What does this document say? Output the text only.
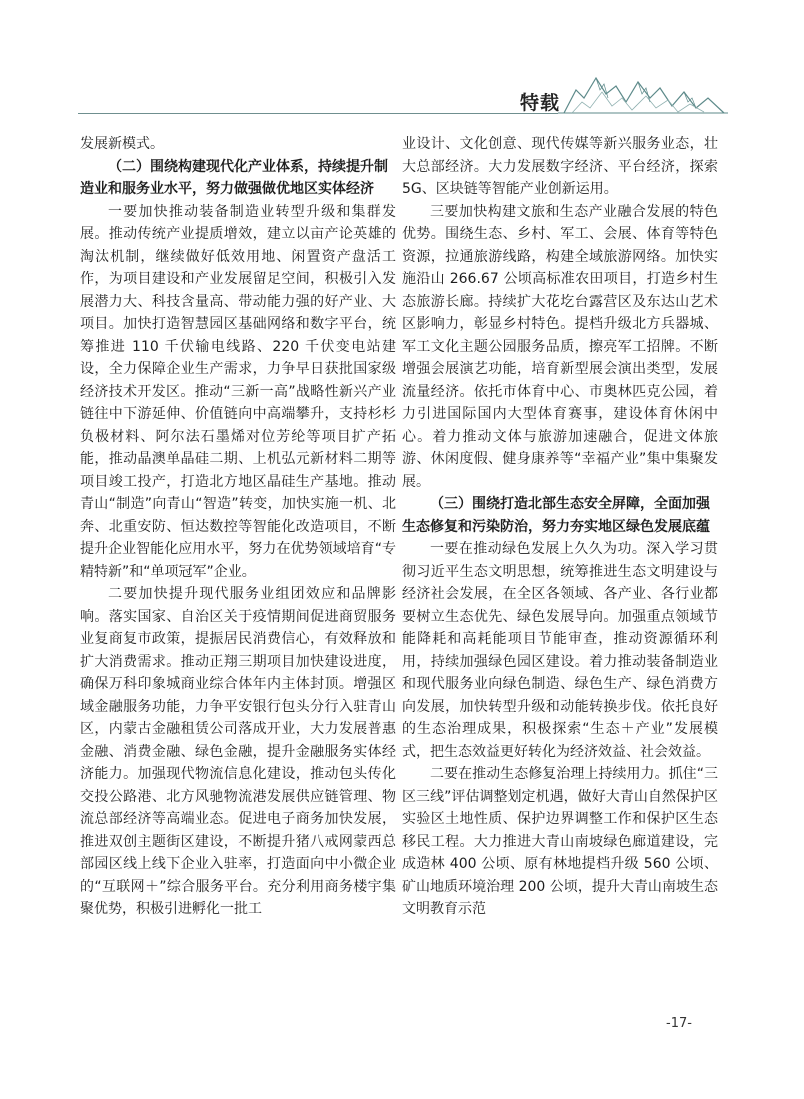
特载

发展新模式。

（二）围绕构建现代化产业体系，持续提升制造业和服务业水平，努力做强做优地区实体经济

一要加快推动装备制造业转型升级和集群发展。推动传统产业提质增效，建立以亩产论英雄的淘汰机制，继续做好低效用地、闲置资产盘活工作，为项目建设和产业发展留足空间，积极引入发展潜力大、科技含量高、带动能力强的好产业、大项目。加快打造智慧园区基础网络和数字平台，统筹推进 110 千伏输电线路、220 千伏变电站建设，全力保障企业生产需求，力争早日获批国家级经济技术开发区。推动“三新一高”战略性新兴产业链往中下游延伸、价值链向中高端攀升，支持杉杉负极材料、阿尔法石墨烯对位芳纶等项目扩产拓能，推动晶澳单晶硅二期、上机弘元新材料二期等项目竣工投产，打造北方地区晶硅生产基地。推动青山“制造”向青山“智造”转变，加快实施一机、北奔、北重安防、恒达数控等智能化改造项目，不断提升企业智能化应用水平，努力在优势领域培育“专精特新”和“单项冠军”企业。

二要加快提升现代服务业组团效应和品牌影响。落实国家、自治区关于疫情期间促进商贸服务业复商复市政策，提振居民消费信心，有效释放和扩大消费需求。推动正翔三期项目加快建设进度，确保万科印象城商业综合体年内主体封顶。增强区域金融服务功能，力争平安银行包头分行入驻青山区，内蒙古金融租赁公司落成开业，大力发展普惠金融、消费金融、绿色金融，提升金融服务实体经济能力。加强现代物流信息化建设，推动包头传化交投公路港、北方风驰物流港发展供应链管理、物流总部经济等高端业态。促进电子商务加快发展，推进双创主题街区建设，不断提升猪八戒网蒙西总部园区线上线下企业入驻率，打造面向中小微企业的“互联网＋”综合服务平台。充分利用商务楼宇集聚优势，积极引进孵化一批工

业设计、文化创意、现代传媒等新兴服务业态，壮大总部经济。大力发展数字经济、平台经济，探索 5G、区块链等智能产业创新运用。

三要加快构建文旅和生态产业融合发展的特色优势。围绕生态、乡村、军工、会展、体育等特色资源，拉通旅游线路，构建全域旅游网络。加快实施沿山 266.67 公顷高标准农田项目，打造乡村生态旅游长廊。持续扩大花圪台露营区及东达山艺术区影响力，彰显乡村特色。提档升级北方兵器城、军工文化主题公园服务品质，擦亮军工招牌。不断增强会展演艺功能，培育新型展会演出类型，发展流量经济。依托市体育中心、市奥林匹克公园，着力引进国际国内大型体育赛事，建设体育休闲中心。着力推动文体与旅游加速融合，促进文体旅游、休闲度假、健身康养等“幸福产业”集中集聚发展。

（三）围绕打造北部生态安全屏障，全面加强生态修复和污染防治，努力夯实地区绿色发展底蕴

一要在推动绿色发展上久久为功。深入学习贯彻习近平生态文明思想，统筹推进生态文明建设与经济社会发展，在全区各领域、各产业、各行业都要树立生态优先、绿色发展导向。加强重点领域节能降耗和高耗能项目节能审查，推动资源循环利用，持续加强绿色园区建设。着力推动装备制造业和现代服务业向绿色制造、绿色生产、绿色消费方向发展，加快转型升级和动能转换步伐。依托良好的生态治理成果，积极探索“生态＋产业”发展模式，把生态效益更好转化为经济效益、社会效益。

二要在推动生态修复治理上持续用力。抓住“三区三线”评估调整划定机遇，做好大青山自然保护区实验区土地性质、保护边界调整工作和保护区生态移民工程。大力推进大青山南坡绿色廊道建设，完成造林 400 公顷、原有林地提档升级 560 公顷、矿山地质环境治理 200 公顷，提升大青山南坡生态文明教育示范

-17-
